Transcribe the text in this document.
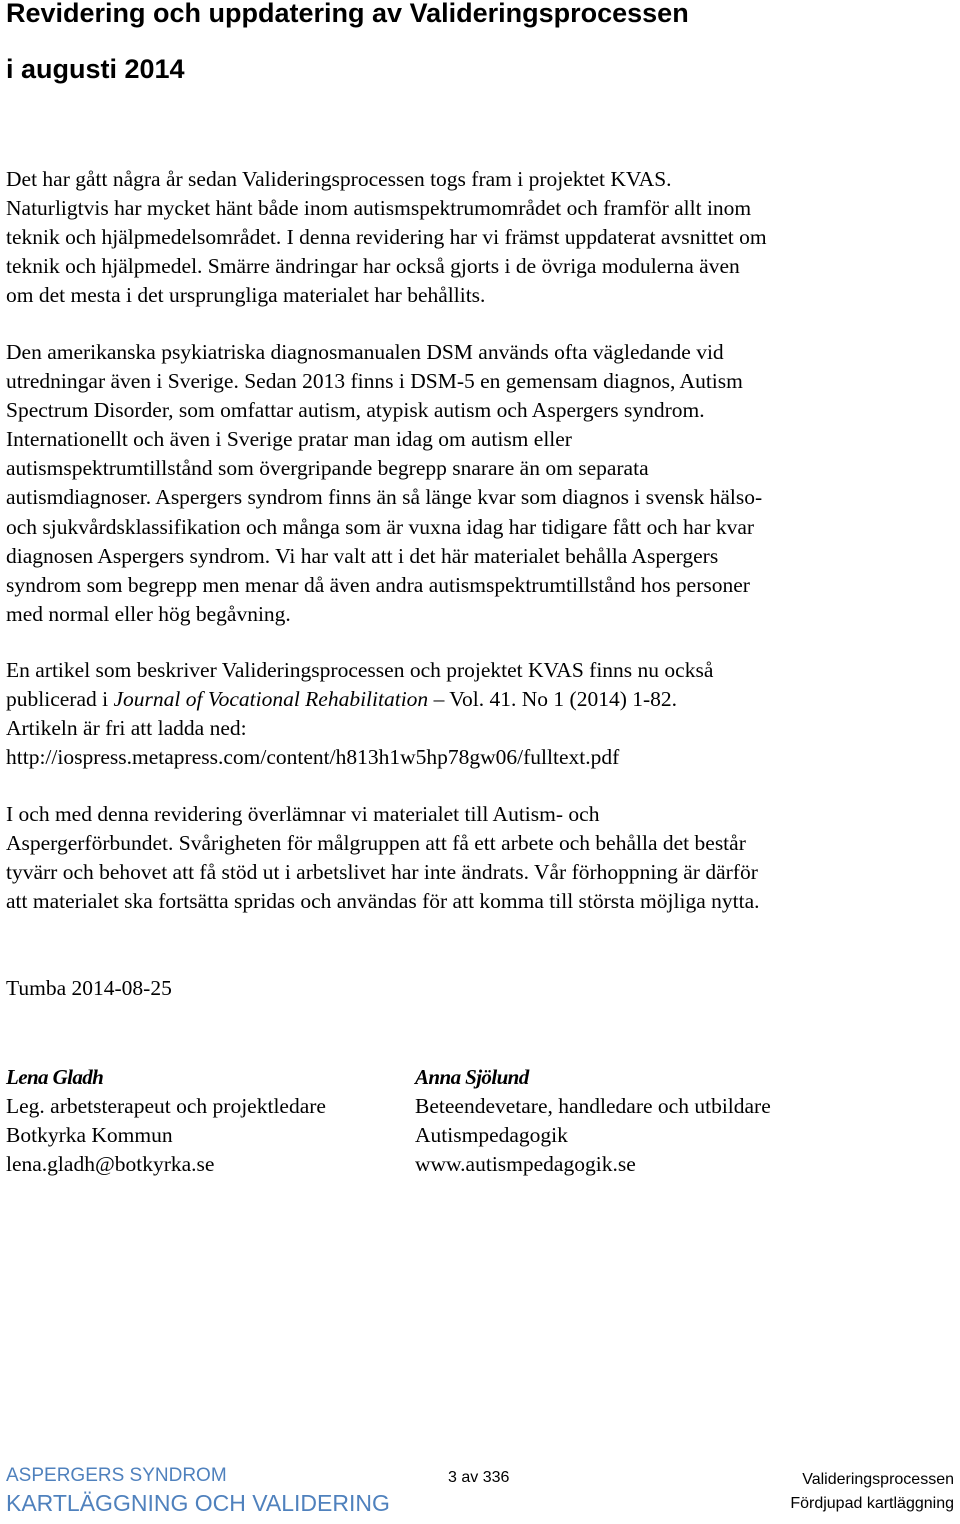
Revidering och uppdatering av Valideringsprocessen
i augusti 2014

Det har gått några år sedan Valideringsprocessen togs fram i projektet KVAS.
Naturligtvis har mycket hänt både inom autismspektrumområdet och framför allt inom
teknik och hjälpmedelsområdet. I denna revidering har vi främst uppdaterat avsnittet om
teknik och hjälpmedel. Smärre ändringar har också gjorts i de övriga modulerna även
om det mesta i det ursprungliga materialet har behållits.

Den amerikanska psykiatriska diagnosmanualen DSM används ofta vägledande vid
utredningar även i Sverige. Sedan 2013 finns i DSM-5 en gemensam diagnos, Autism
Spectrum Disorder, som omfattar autism, atypisk autism och Aspergers syndrom.
Internationellt och även i Sverige pratar man idag om autism eller
autismspektrumtillstånd som övergripande begrepp snarare än om separata
autismdiagnoser. Aspergers syndrom finns än så länge kvar som diagnos i svensk hälso-
och sjukvårdsklassifikation och många som är vuxna idag har tidigare fått och har kvar
diagnosen Aspergers syndrom. Vi har valt att i det här materialet behålla Aspergers
syndrom som begrepp men menar då även andra autismspektrumtillstånd hos personer
med normal eller hög begåvning.

En artikel som beskriver Valideringsprocessen och projektet KVAS finns nu också
publicerad i Journal of Vocational Rehabilitation – Vol. 41. No 1 (2014) 1-82.
Artikeln är fri att ladda ned:
http://iospress.metapress.com/content/h813h1w5hp78gw06/fulltext.pdf

I och med denna revidering överlämnar vi materialet till Autism- och
Aspergerförbundet. Svårigheten för målgruppen att få ett arbete och behålla det består
tyvärr och behovet att få stöd ut i arbetslivet har inte ändrats. Vår förhoppning är därför
att materialet ska fortsätta spridas och användas för att komma till största möjliga nytta.

Tumba 2014-08-25

Lena Gladh
Leg. arbetsterapeut och projektledare
Botkyrka Kommun
lena.gladh@botkyrka.se
Anna Sjölund
Beteendevetare, handledare och utbildare
Autismpedagogik
www.autismpedagogik.se
ASPERGERS SYNDROM
KARTLÄGGNING OCH VALIDERING
3 av 336	Valideringsprocessen
Fördjupad kartläggning
